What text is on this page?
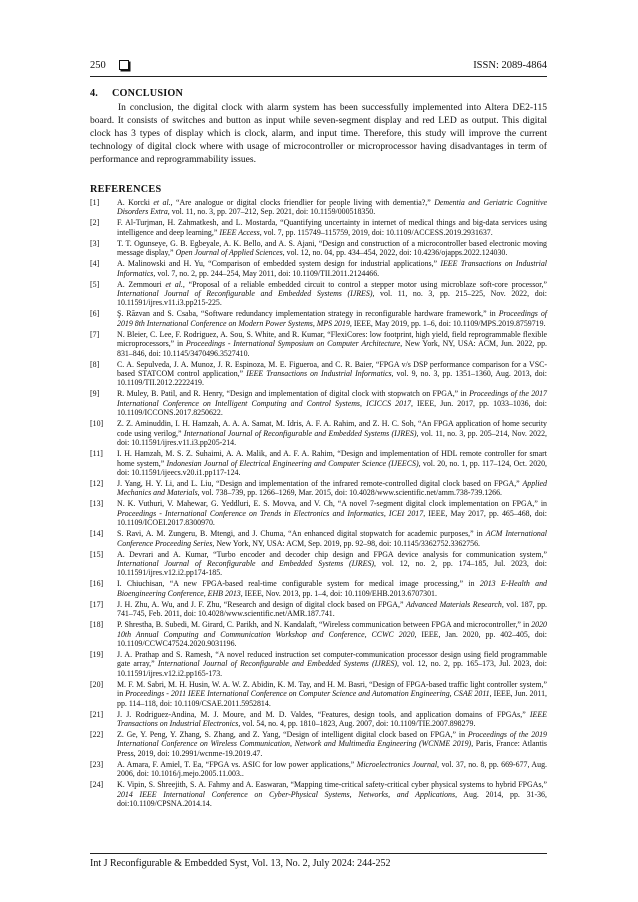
250	ISSN: 2089-4864
4. CONCLUSION

In conclusion, the digital clock with alarm system has been successfully implemented into Altera DE2-115 board. It consists of switches and button as input while seven-segment display and red LED as output. This digital clock has 3 types of display which is clock, alarm, and input time. Therefore, this study will improve the current technology of digital clock where with usage of microcontroller or microprocessor having disadvantages in term of performance and reprogrammability issues.

REFERENCES
[1]	A. Korcki et al., “Are analogue or digital clocks friendlier for people living with dementia?,” Dementia and Geriatric Cognitive Disorders Extra, vol. 11, no. 3, pp. 207–212, Sep. 2021, doi: 10.1159/000518350.
[2]	F. Al-Turjman, H. Zahmatkesh, and L. Mostarda, “Quantifying uncertainty in internet of medical things and big-data services using intelligence and deep learning,” IEEE Access, vol. 7, pp. 115749–115759, 2019, doi: 10.1109/ACCESS.2019.2931637.
[3]	T. T. Ogunseye, G. B. Egbeyale, A. K. Bello, and A. S. Ajani, “Design and construction of a microcontroller based electronic moving message display,” Open Journal of Applied Sciences, vol. 12, no. 04, pp. 434–454, 2022, doi: 10.4236/ojapps.2022.124030.
[4]	A. Malinowski and H. Yu, “Comparison of embedded system design for industrial applications,” IEEE Transactions on Industrial Informatics, vol. 7, no. 2, pp. 244–254, May 2011, doi: 10.1109/TII.2011.2124466.
[5]	A. Zemmouri et al., “Proposal of a reliable embedded circuit to control a stepper motor using microblaze soft-core processor,” International Journal of Reconfigurable and Embedded Systems (IJRES), vol. 11, no. 3, pp. 215–225, Nov. 2022, doi: 10.11591/ijres.v11.i3.pp215-225.
[6]	Ş. Răzvan and S. Csaba, “Software redundancy implementation strategy in reconfigurable hardware framework,” in Proceedings of 2019 8th International Conference on Modern Power Systems, MPS 2019, IEEE, May 2019, pp. 1–6, doi: 10.1109/MPS.2019.8759719.
[7]	N. Bleier, C. Lee, F. Rodriguez, A. Sou, S. White, and R. Kumar, “FlexiCores: low footprint, high yield, field reprogrammable flexible microprocessors,” in Proceedings - International Symposium on Computer Architecture, New York, NY, USA: ACM, Jun. 2022, pp. 831–846, doi: 10.1145/3470496.3527410.
[8]	C. A. Sepulveda, J. A. Munoz, J. R. Espinoza, M. E. Figueroa, and C. R. Baier, “FPGA v/s DSP performance comparison for a VSC-based STATCOM control application,” IEEE Transactions on Industrial Informatics, vol. 9, no. 3, pp. 1351–1360, Aug. 2013, doi: 10.1109/TII.2012.2222419.
[9]	R. Muley, B. Patil, and R. Henry, “Design and implementation of digital clock with stopwatch on FPGA,” in Proceedings of the 2017 International Conference on Intelligent Computing and Control Systems, ICICCS 2017, IEEE, Jun. 2017, pp. 1033–1036, doi: 10.1109/ICCONS.2017.8250622.
[10]	Z. Z. Aminuddin, I. H. Hamzah, A. A. A. Samat, M. Idris, A. F. A. Rahim, and Z. H. C. Soh, “An FPGA application of home security code using verilog,” International Journal of Reconfigurable and Embedded Systems (IJRES), vol. 11, no. 3, pp. 205–214, Nov. 2022, doi: 10.11591/ijres.v11.i3.pp205-214.
[11]	I. H. Hamzah, M. S. Z. Suhaimi, A. A. Malik, and A. F. A. Rahim, “Design and implementation of HDL remote controller for smart home system,” Indonesian Journal of Electrical Engineering and Computer Science (IJEECS), vol. 20, no. 1, pp. 117–124, Oct. 2020, doi: 10.11591/ijeecs.v20.i1.pp117-124.
[12]	J. Yang, H. Y. Li, and L. Liu, “Design and implementation of the infrared remote-controlled digital clock based on FPGA,” Applied Mechanics and Materials, vol. 738–739, pp. 1266–1269, Mar. 2015, doi: 10.4028/www.scientific.net/amm.738-739.1266.
[13]	N. K. Vuthuri, V. Mahewar, G. Yeddluri, E. S. Movva, and V. Ch, “A novel 7-segment digital clock implementation on FPGA,” in Proceedings - International Conference on Trends in Electronics and Informatics, ICEI 2017, IEEE, May 2017, pp. 465–468, doi: 10.1109/ICOEI.2017.8300970.
[14]	S. Ravi, A. M. Zungeru, B. Mtengi, and J. Chuma, “An enhanced digital stopwatch for academic purposes,” in ACM International Conference Proceeding Series, New York, NY, USA: ACM, Sep. 2019, pp. 92–98, doi: 10.1145/3362752.3362756.
[15]	A. Devrari and A. Kumar, “Turbo encoder and decoder chip design and FPGA device analysis for communication system,” International Journal of Reconfigurable and Embedded Systems (IJRES), vol. 12, no. 2, pp. 174–185, Jul. 2023, doi: 10.11591/ijres.v12.i2.pp174-185.
[16]	I. Chiuchisan, “A new FPGA-based real-time configurable system for medical image processing,” in 2013 E-Health and Bioengineering Conference, EHB 2013, IEEE, Nov. 2013, pp. 1–4, doi: 10.1109/EHB.2013.6707301.
[17]	J. H. Zhu, A. Wu, and J. F. Zhu, “Research and design of digital clock based on FPGA,” Advanced Materials Research, vol. 187, pp. 741–745, Feb. 2011, doi: 10.4028/www.scientific.net/AMR.187.741.
[18]	P. Shrestha, B. Subedi, M. Girard, C. Parikh, and N. Kandalaft, “Wireless communication between FPGA and microcontroller,” in 2020 10th Annual Computing and Communication Workshop and Conference, CCWC 2020, IEEE, Jan. 2020, pp. 402–405, doi: 10.1109/CCWC47524.2020.9031196.
[19]	J. A. Prathap and S. Ramesh, “A novel reduced instruction set computer-communication processor design using field programmable gate array,” International Journal of Reconfigurable and Embedded Systems (IJRES), vol. 12, no. 2, pp. 165–173, Jul. 2023, doi: 10.11591/ijres.v12.i2.pp165-173.
[20]	M. F. M. Sabri, M. H. Husin, W. A. W. Z. Abidin, K. M. Tay, and H. M. Basri, “Design of FPGA-based traffic light controller system,” in Proceedings - 2011 IEEE International Conference on Computer Science and Automation Engineering, CSAE 2011, IEEE, Jun. 2011, pp. 114–118, doi: 10.1109/CSAE.2011.5952814.
[21]	J. J. Rodriguez-Andina, M. J. Moure, and M. D. Valdes, “Features, design tools, and application domains of FPGAs,” IEEE Transactions on Industrial Electronics, vol. 54, no. 4, pp. 1810–1823, Aug. 2007, doi: 10.1109/TIE.2007.898279.
[22]	Z. Ge, Y. Peng, Y. Zhang, S. Zhang, and Z. Yang, “Design of intelligent digital clock based on FPGA,” in Proceedings of the 2019 International Conference on Wireless Communication, Network and Multimedia Engineering (WCNME 2019), Paris, France: Atlantis Press, 2019, doi: 10.2991/wcnme-19.2019.47.
[23]	A. Amara, F. Amiel, T. Ea, “FPGA vs. ASIC for low power applications,” Microelectronics Journal, vol. 37, no. 8, pp. 669-677, Aug. 2006, doi: 10.1016/j.mejo.2005.11.003..
[24]	K. Vipin, S. Shreejith, S. A. Fahmy and A. Easwaran, “Mapping time-critical safety-critical cyber physical systems to hybrid FPGAs,” 2014 IEEE International Conference on Cyber-Physical Systems, Networks, and Applications, Aug. 2014, pp. 31-36, doi:10.1109/CPSNA.2014.14.
Int J Reconfigurable & Embedded Syst, Vol. 13, No. 2, July 2024: 244-252
